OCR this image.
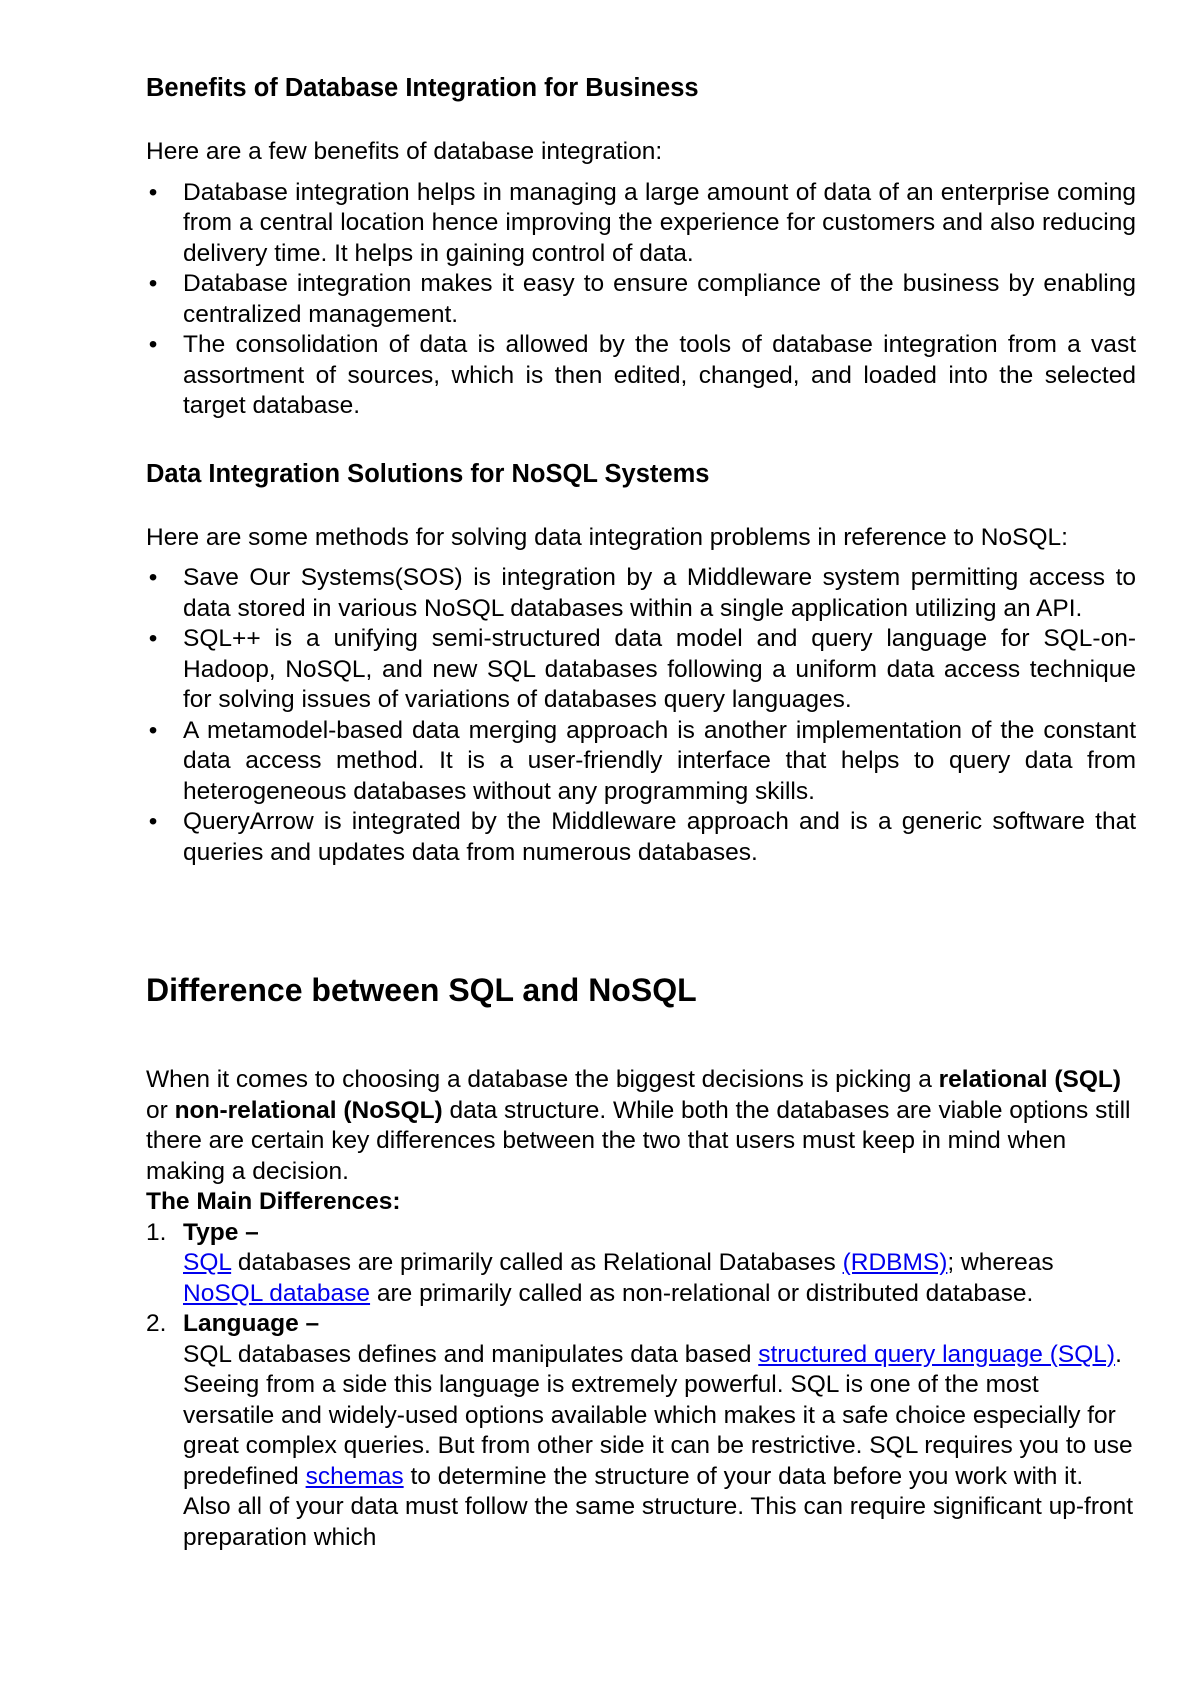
Benefits of Database Integration for Business

Here are a few benefits of database integration:

• Database integration helps in managing a large amount of data of an enterprise coming from a central location hence improving the experience for customers and also reducing delivery time. It helps in gaining control of data.
• Database integration makes it easy to ensure compliance of the business by enabling centralized management.
• The consolidation of data is allowed by the tools of database integration from a vast assortment of sources, which is then edited, changed, and loaded into the selected target database.
Data Integration Solutions for NoSQL Systems

Here are some methods for solving data integration problems in reference to NoSQL:

• Save Our Systems(SOS) is integration by a Middleware system permitting access to data stored in various NoSQL databases within a single application utilizing an API.
• SQL++ is a unifying semi-structured data model and query language for SQL-on-Hadoop, NoSQL, and new SQL databases following a uniform data access technique for solving issues of variations of databases query languages.
• A metamodel-based data merging approach is another implementation of the constant data access method. It is a user-friendly interface that helps to query data from heterogeneous databases without any programming skills.
• QueryArrow is integrated by the Middleware approach and is a generic software that queries and updates data from numerous databases.
Difference between SQL and NoSQL

When it comes to choosing a database the biggest decisions is picking a relational (SQL) or non-relational (NoSQL) data structure. While both the databases are viable options still there are certain key differences between the two that users must keep in mind when making a decision.

The Main Differences:

1. Type –
SQL databases are primarily called as Relational Databases (RDBMS); whereas NoSQL database are primarily called as non-relational or distributed database.
2. Language –
SQL databases defines and manipulates data based structured query language (SQL). Seeing from a side this language is extremely powerful. SQL is one of the most versatile and widely-used options available which makes it a safe choice especially for great complex queries. But from other side it can be restrictive. SQL requires you to use predefined schemas to determine the structure of your data before you work with it. Also all of your data must follow the same structure. This can require significant up-front preparation which
